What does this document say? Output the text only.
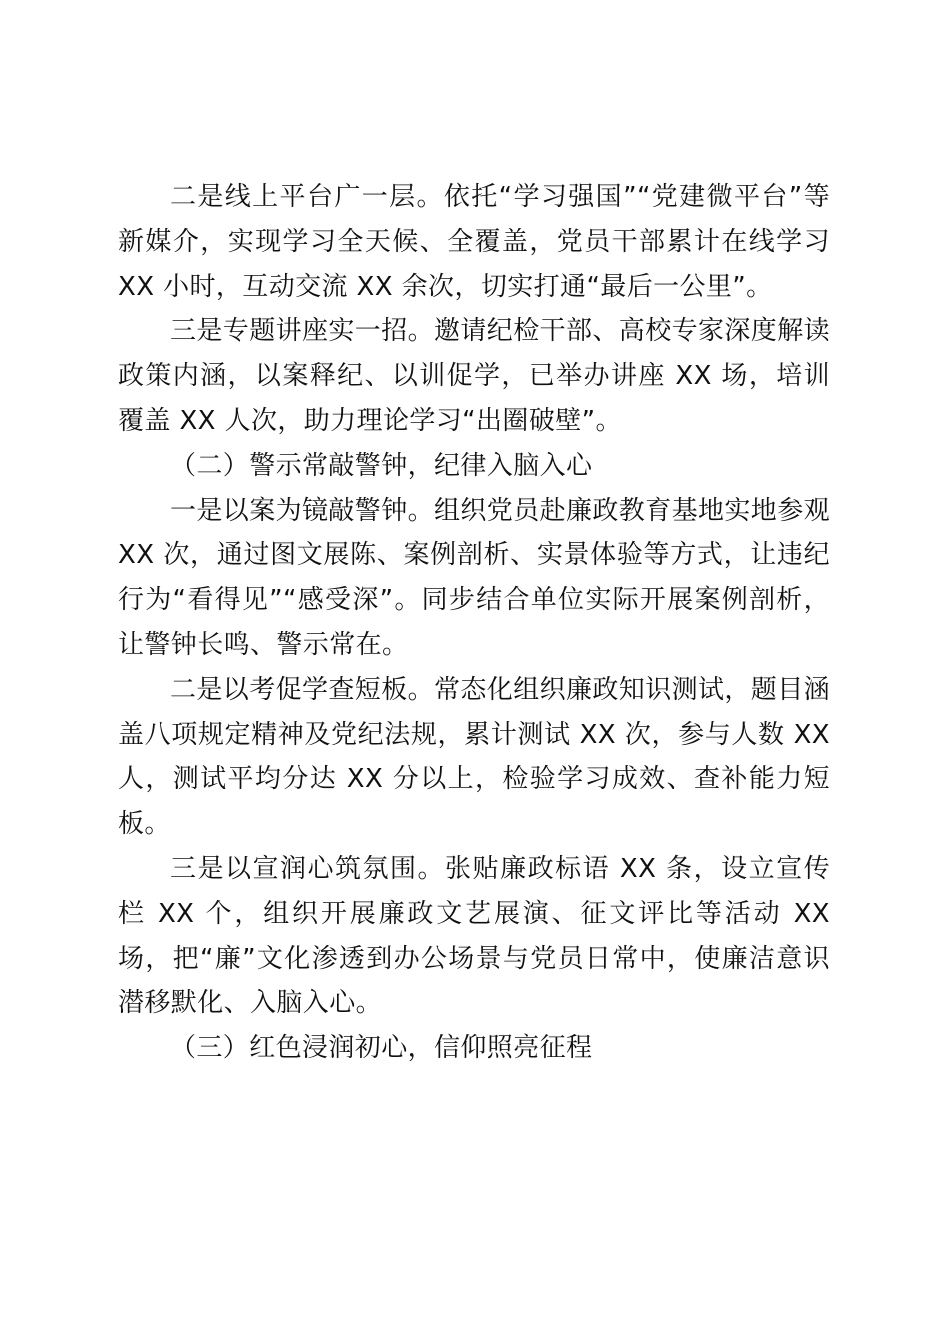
二是线上平台广一层。依托“学习强国”“党建微平台”等新媒介，实现学习全天候、全覆盖，党员干部累计在线学习 XX 小时，互动交流 XX 余次，切实打通“最后一公里”。

三是专题讲座实一招。邀请纪检干部、高校专家深度解读政策内涵，以案释纪、以训促学，已举办讲座 XX 场，培训覆盖 XX 人次，助力理论学习“出圈破壁”。

（二）警示常敲警钟，纪律入脑入心

一是以案为镜敲警钟。组织党员赴廉政教育基地实地参观 XX 次，通过图文展陈、案例剖析、实景体验等方式，让违纪行为“看得见”“感受深”。同步结合单位实际开展案例剖析，让警钟长鸣、警示常在。

二是以考促学查短板。常态化组织廉政知识测试，题目涵盖八项规定精神及党纪法规，累计测试 XX 次，参与人数 XX 人，测试平均分达 XX 分以上，检验学习成效、查补能力短板。

三是以宣润心筑氛围。张贴廉政标语 XX 条，设立宣传栏 XX 个，组织开展廉政文艺展演、征文评比等活动 XX 场，把“廉”文化渗透到办公场景与党员日常中，使廉洁意识潜移默化、入脑入心。

（三）红色浸润初心，信仰照亮征程
